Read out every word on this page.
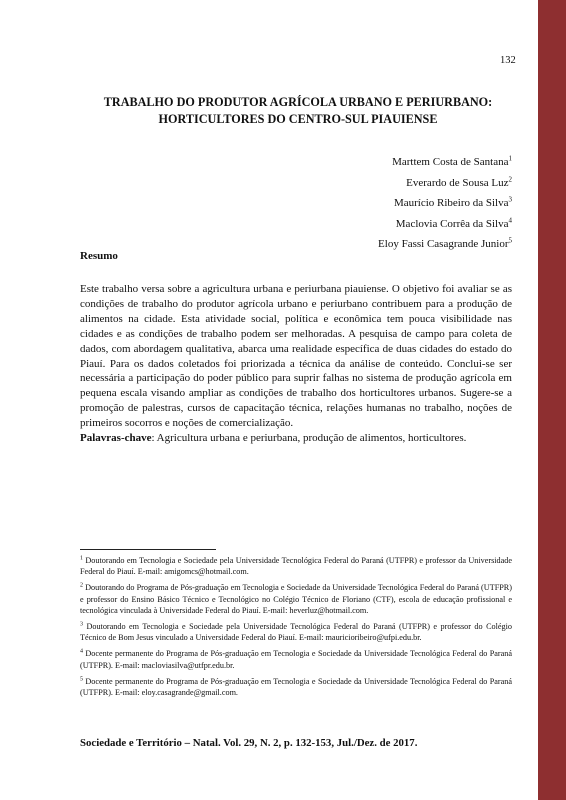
132
TRABALHO DO PRODUTOR AGRÍCOLA URBANO E PERIURBANO:
HORTICULTORES DO CENTRO-SUL PIAUIENSE
Marttem Costa de Santana$^1$
Everardo de Sousa Luz$^2$
Maurício Ribeiro da Silva$^3$
Maclovia Corrêa da Silva$^4$
Eloy Fassi Casagrande Junior$^5$
Resumo

Este trabalho versa sobre a agricultura urbana e periurbana piauiense. O objetivo foi avaliar se as condições de trabalho do produtor agrícola urbano e periurbano contribuem para a produção de alimentos na cidade. Esta atividade social, política e econômica tem pouca visibilidade nas cidades e as condições de trabalho podem ser melhoradas. A pesquisa de campo para coleta de dados, com abordagem qualitativa, abarca uma realidade específica de duas cidades do estado do Piauí. Para os dados coletados foi priorizada a técnica da análise de conteúdo. Conclui-se ser necessária a participação do poder público para suprir falhas no sistema de produção agrícola em pequena escala visando ampliar as condições de trabalho dos horticultores urbanos. Sugere-se a promoção de palestras, cursos de capacitação técnica, relações humanas no trabalho, noções de primeiros socorros e noções de comercialização.

Palavras-chave: Agricultura urbana e periurbana, produção de alimentos, horticultores.

$^1$ Doutorando em Tecnologia e Sociedade pela Universidade Tecnológica Federal do Paraná (UTFPR) e professor da Universidade Federal do Piauí. E-mail: amigomcs@hotmail.com.

$^2$ Doutorando do Programa de Pós-graduação em Tecnologia e Sociedade da Universidade Tecnológica Federal do Paraná (UTFPR) e professor do Ensino Básico Técnico e Tecnológico no Colégio Técnico de Floriano (CTF), escola de educação profissional e tecnológica vinculada à Universidade Federal do Piauí. E-mail: heverluz@hotmail.com.

$^3$ Doutorando em Tecnologia e Sociedade pela Universidade Tecnológica Federal do Paraná (UTFPR) e professor do Colégio Técnico de Bom Jesus vinculado a Universidade Federal do Piauí. E-mail: mauricioribeiro@ufpi.edu.br.

$^4$ Docente permanente do Programa de Pós-graduação em Tecnologia e Sociedade da Universidade Tecnológica Federal do Paraná (UTFPR). E-mail: macloviasilva@utfpr.edu.br.

$^5$ Docente permanente do Programa de Pós-graduação em Tecnologia e Sociedade da Universidade Tecnológica Federal do Paraná (UTFPR). E-mail: eloy.casagrande@gmail.com.

Sociedade e Território – Natal. Vol. 29, N. 2, p. 132-153, Jul./Dez. de 2017.
